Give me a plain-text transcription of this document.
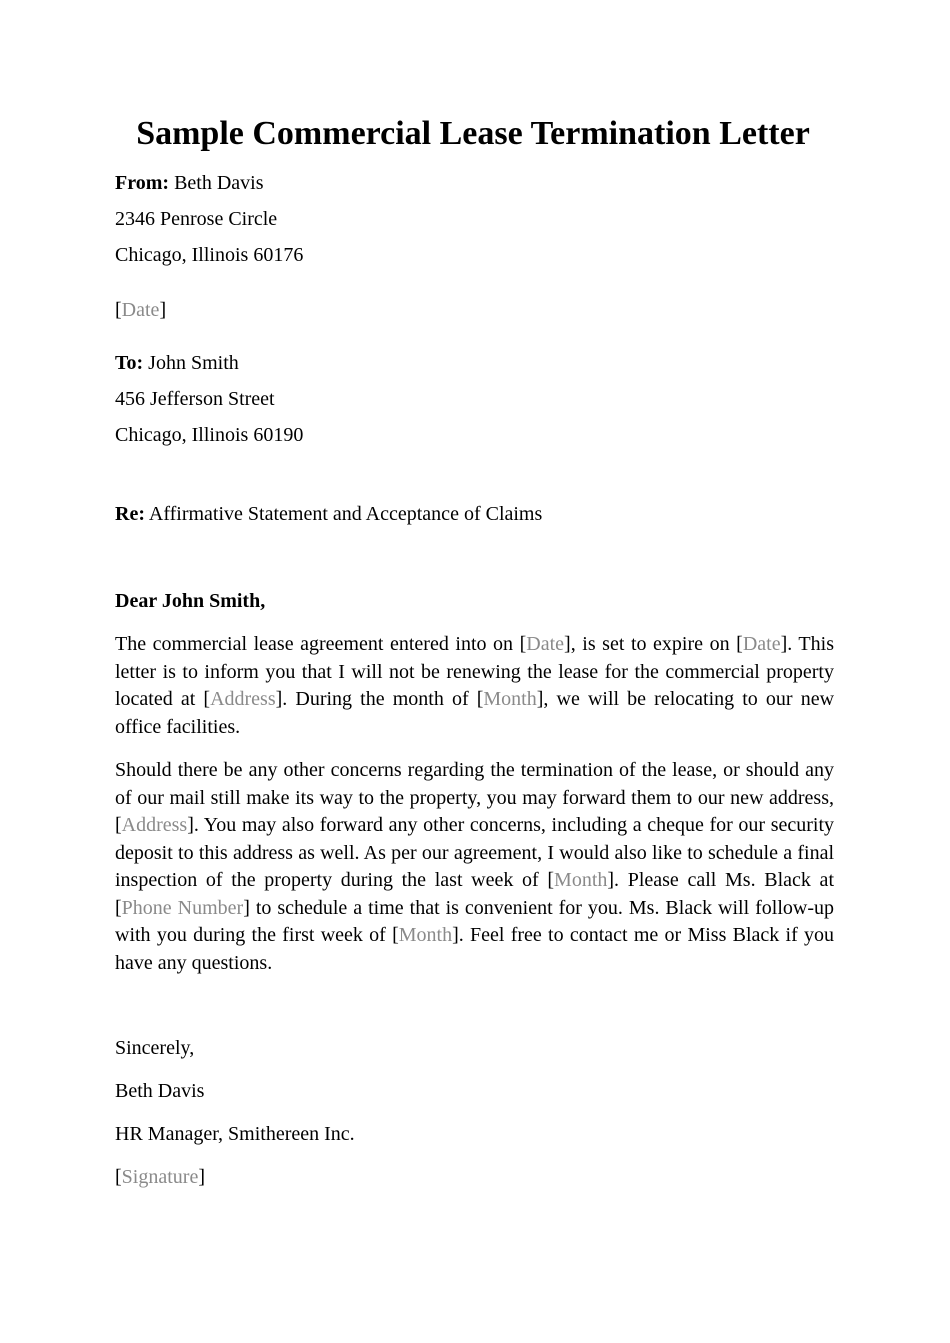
Sample Commercial Lease Termination Letter

From: Beth Davis

2346 Penrose Circle

Chicago, Illinois 60176

[Date]

To: John Smith

456 Jefferson Street

Chicago, Illinois 60190

Re: Affirmative Statement and Acceptance of Claims

Dear John Smith,

The commercial lease agreement entered into on [Date], is set to expire on [Date]. This letter is to inform you that I will not be renewing the lease for the commercial property located at [Address]. During the month of [Month], we will be relocating to our new office facilities.

Should there be any other concerns regarding the termination of the lease, or should any of our mail still make its way to the property, you may forward them to our new address, [Address]. You may also forward any other concerns, including a cheque for our security deposit to this address as well. As per our agreement, I would also like to schedule a final inspection of the property during the last week of [Month]. Please call Ms. Black at [Phone Number] to schedule a time that is convenient for you. Ms. Black will follow-up with you during the first week of [Month]. Feel free to contact me or Miss Black if you have any questions.

Sincerely,

Beth Davis

HR Manager, Smithereen Inc.

[Signature]
